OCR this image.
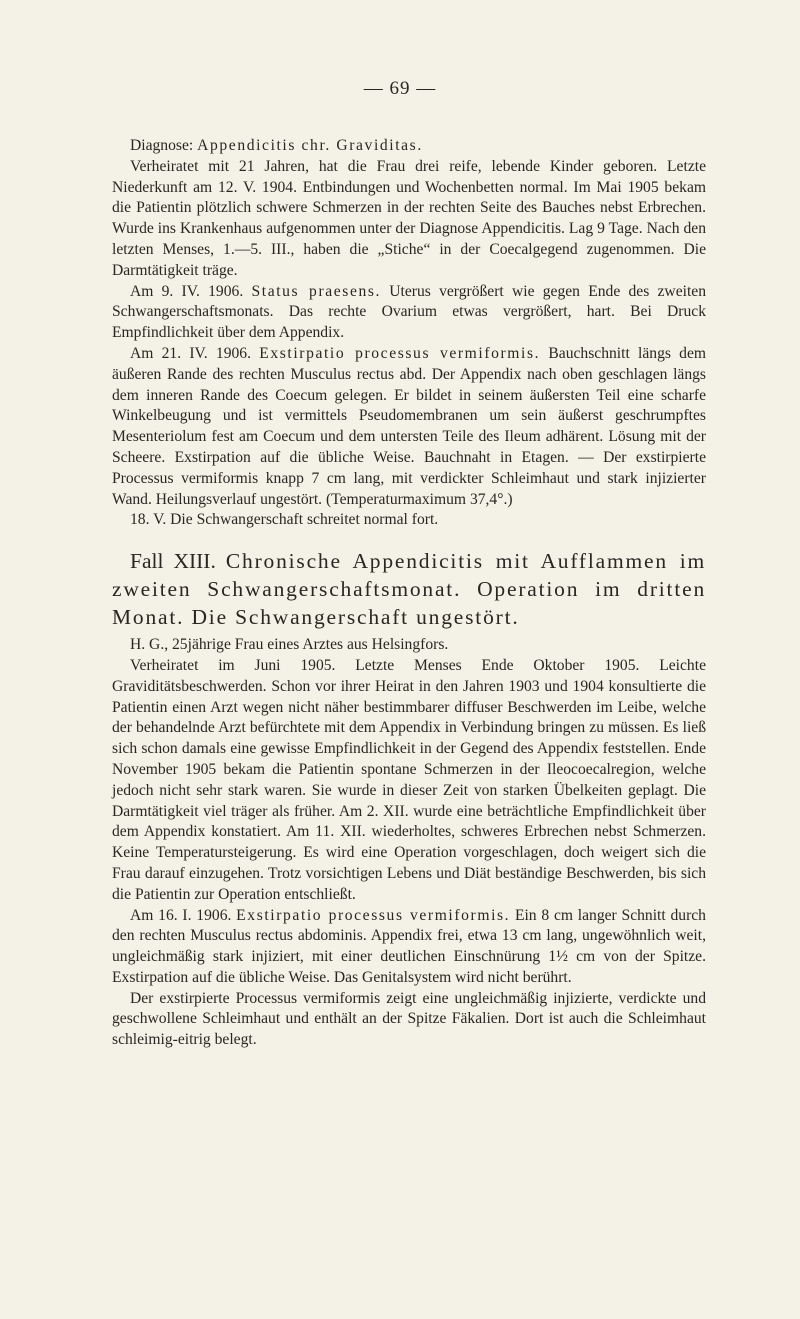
— 69 —

Diagnose: Appendicitis chr. Graviditas.

Verheiratet mit 21 Jahren, hat die Frau drei reife, lebende Kinder geboren. Letzte Niederkunft am 12. V. 1904. Entbindungen und Wochenbetten normal. Im Mai 1905 bekam die Patientin plötzlich schwere Schmerzen in der rechten Seite des Bauches nebst Erbrechen. Wurde ins Krankenhaus aufgenommen unter der Diagnose Appendicitis. Lag 9 Tage. Nach den letzten Menses, 1.—5. III., haben die „Stiche“ in der Coecalgegend zugenommen. Die Darmtätigkeit träge.

Am 9. IV. 1906. Status praesens. Uterus vergrößert wie gegen Ende des zweiten Schwangerschaftsmonats. Das rechte Ovarium etwas vergrößert, hart. Bei Druck Empfindlichkeit über dem Appendix.

Am 21. IV. 1906. Exstirpatio processus vermiformis. Bauchschnitt längs dem äußeren Rande des rechten Musculus rectus abd. Der Appendix nach oben geschlagen längs dem inneren Rande des Coecum gelegen. Er bildet in seinem äußersten Teil eine scharfe Winkelbeugung und ist vermittels Pseudomembranen um sein äußerst geschrumpftes Mesenteriolum fest am Coecum und dem untersten Teile des Ileum adhärent. Lösung mit der Scheere. Exstirpation auf die übliche Weise. Bauchnaht in Etagen. — Der exstirpierte Processus vermiformis knapp 7 cm lang, mit verdickter Schleimhaut und stark injizierter Wand. Heilungsverlauf ungestört. (Temperaturmaximum 37,4°.)

18. V. Die Schwangerschaft schreitet normal fort.

Fall XIII. Chronische Appendicitis mit Aufflammen im zweiten Schwangerschaftsmonat. Operation im dritten Monat. Die Schwangerschaft ungestört.

H. G., 25jährige Frau eines Arztes aus Helsingfors.

Verheiratet im Juni 1905. Letzte Menses Ende Oktober 1905. Leichte Graviditätsbeschwerden. Schon vor ihrer Heirat in den Jahren 1903 und 1904 konsultierte die Patientin einen Arzt wegen nicht näher bestimmbarer diffuser Beschwerden im Leibe, welche der behandelnde Arzt befürchtete mit dem Appendix in Verbindung bringen zu müssen. Es ließ sich schon damals eine gewisse Empfindlichkeit in der Gegend des Appendix feststellen. Ende November 1905 bekam die Patientin spontane Schmerzen in der Ileocoecalregion, welche jedoch nicht sehr stark waren. Sie wurde in dieser Zeit von starken Übelkeiten geplagt. Die Darmtätigkeit viel träger als früher. Am 2. XII. wurde eine beträchtliche Empfindlichkeit über dem Appendix konstatiert. Am 11. XII. wiederholtes, schweres Erbrechen nebst Schmerzen. Keine Temperatursteigerung. Es wird eine Operation vorgeschlagen, doch weigert sich die Frau darauf einzugehen. Trotz vorsichtigen Lebens und Diät beständige Beschwerden, bis sich die Patientin zur Operation entschließt.

Am 16. I. 1906. Exstirpatio processus vermiformis. Ein 8 cm langer Schnitt durch den rechten Musculus rectus abdominis. Appendix frei, etwa 13 cm lang, ungewöhnlich weit, ungleichmäßig stark injiziert, mit einer deutlichen Einschnürung 1½ cm von der Spitze. Exstirpation auf die übliche Weise. Das Genitalsystem wird nicht berührt.

Der exstirpierte Processus vermiformis zeigt eine ungleichmäßig injizierte, verdickte und geschwollene Schleimhaut und enthält an der Spitze Fäkalien. Dort ist auch die Schleimhaut schleimig-eitrig belegt.
